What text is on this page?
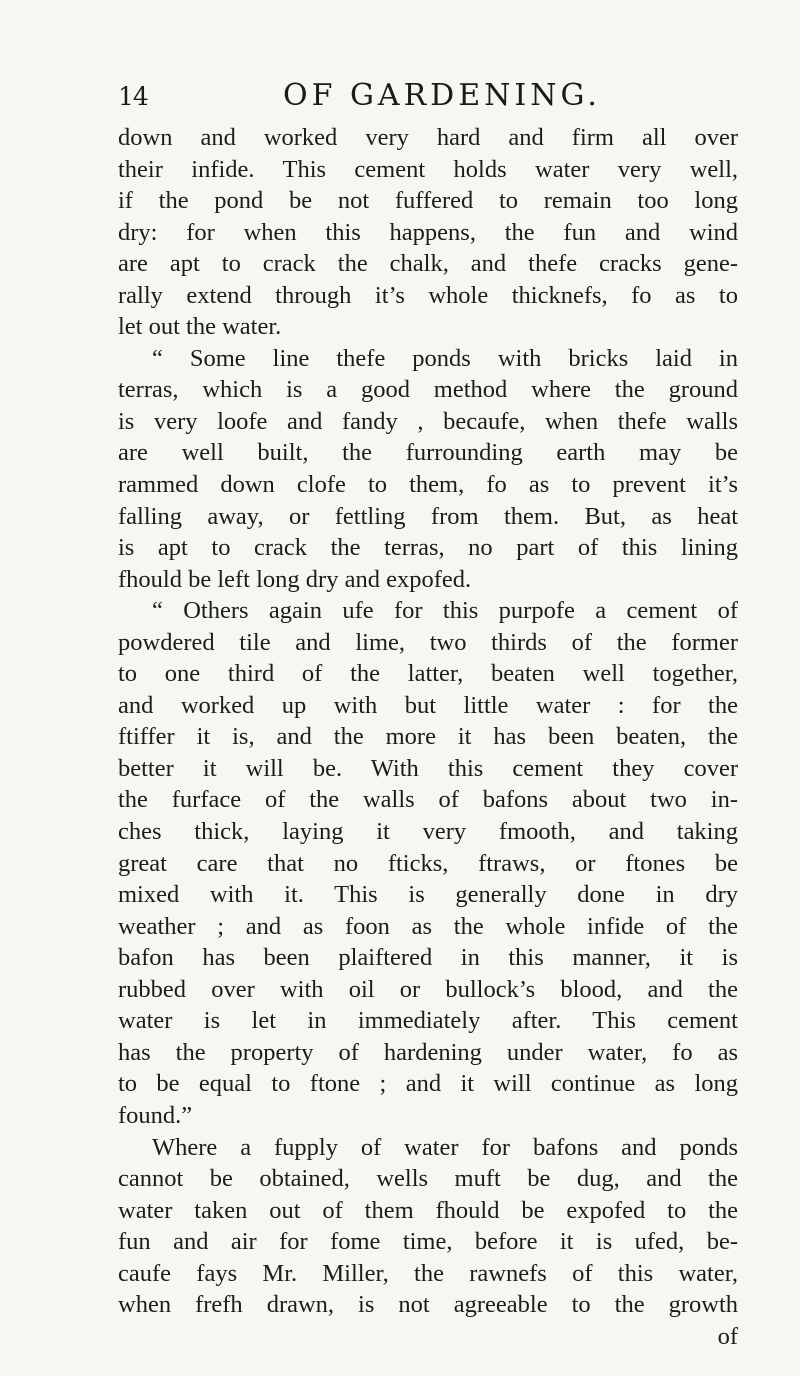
14	OF GARDENING.
down and worked very hard and firm all over
their infide. This cement holds water very well,
if the pond be not fuffered to remain too long
dry: for when this happens, the fun and wind
are apt to crack the chalk, and thefe cracks gene-
rally extend through it’s whole thicknefs, fo as to
let out the water.
“ Some line thefe ponds with bricks laid in
terras, which is a good method where the ground
is very loofe and fandy , becaufe, when thefe walls
are well built, the furrounding earth may be
rammed down clofe to them, fo as to prevent it’s
falling away, or fettling from them. But, as heat
is apt to crack the terras, no part of this lining
fhould be left long dry and expofed.
“ Others again ufe for this purpofe a cement of
powdered tile and lime, two thirds of the former
to one third of the latter, beaten well together,
and worked up with but little water : for the
ftiffer it is, and the more it has been beaten, the
better it will be. With this cement they cover
the furface of the walls of bafons about two in-
ches thick, laying it very fmooth, and taking
great care that no fticks, ftraws, or ftones be
mixed with it. This is generally done in dry
weather ; and as foon as the whole infide of the
bafon has been plaiftered in this manner, it is
rubbed over with oil or bullock’s blood, and the
water is let in immediately after. This cement
has the property of hardening under water, fo as
to be equal to ftone ; and it will continue as long
found.”
Where a fupply of water for bafons and ponds
cannot be obtained, wells muft be dug, and the
water taken out of them fhould be expofed to the
fun and air for fome time, before it is ufed, be-
caufe fays Mr. Miller, the rawnefs of this water,
when frefh drawn, is not agreeable to the growth
of
